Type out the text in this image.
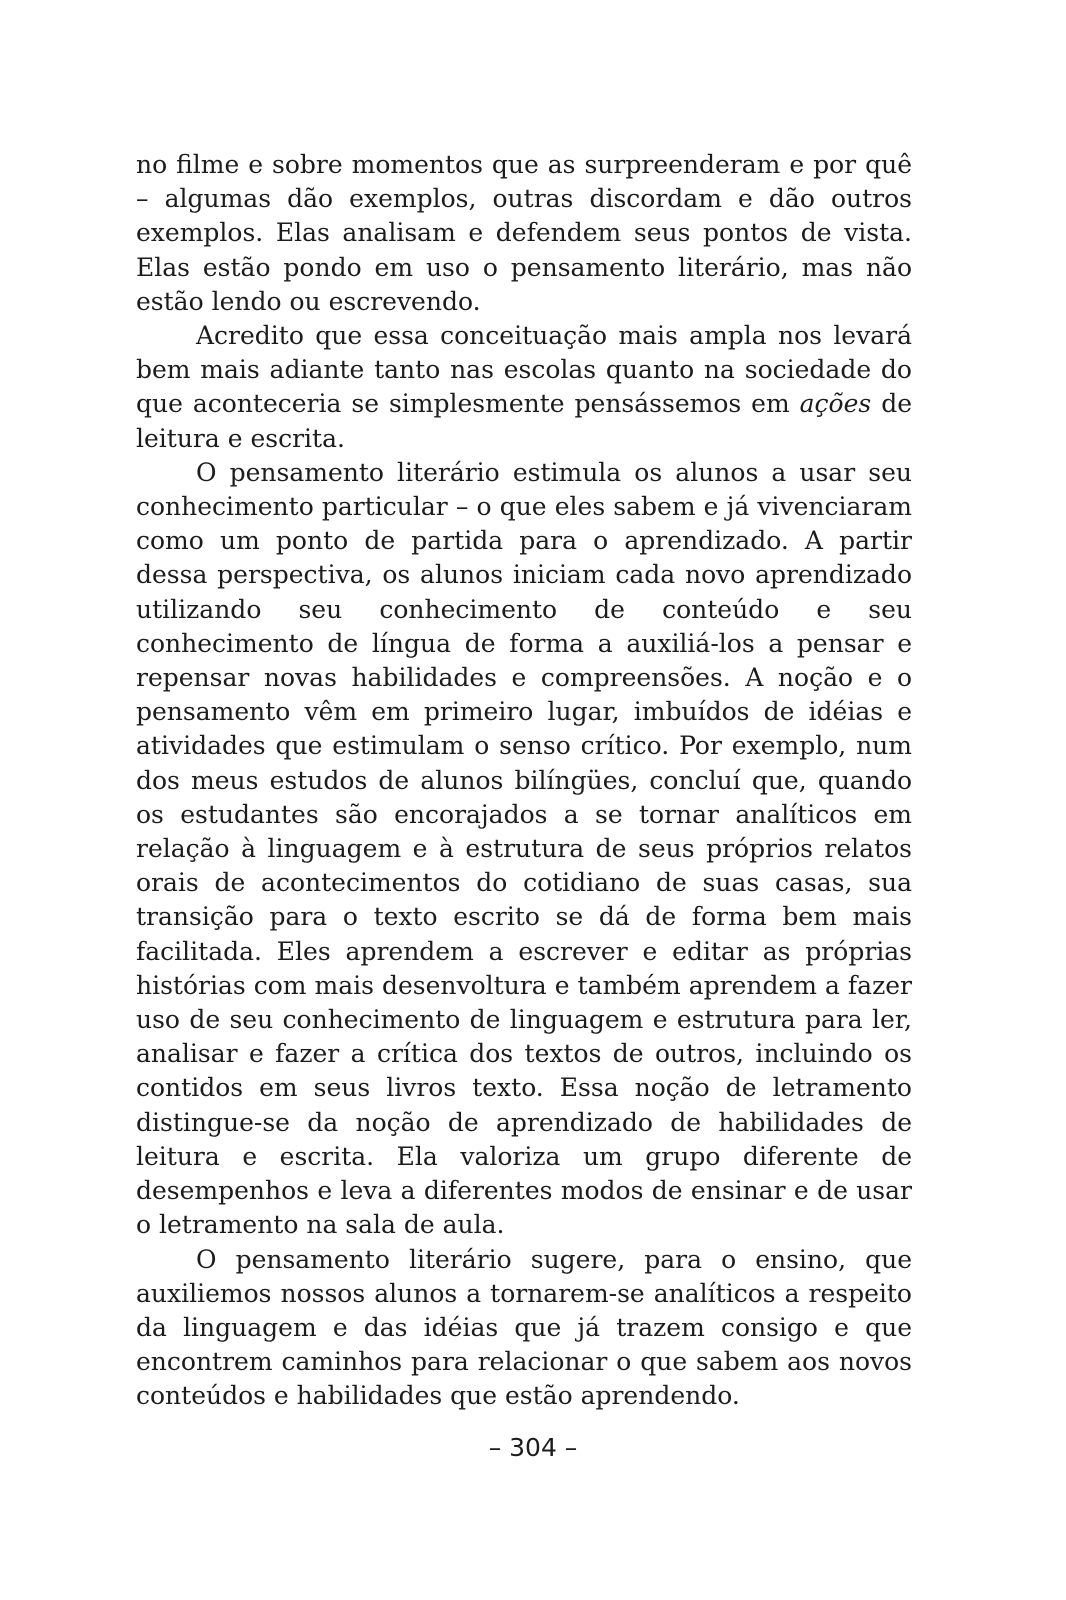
no filme e sobre momentos que as surpreenderam e por quê – algumas dão exemplos, outras discordam e dão outros exemplos. Elas analisam e defendem seus pontos de vista. Elas estão pondo em uso o pensamento literário, mas não estão lendo ou escrevendo.

Acredito que essa conceituação mais ampla nos levará bem mais adiante tanto nas escolas quanto na sociedade do que aconteceria se simplesmente pensássemos em ações de leitura e escrita.

O pensamento literário estimula os alunos a usar seu conhecimento particular – o que eles sabem e já vivenciaram como um ponto de partida para o aprendizado. A partir dessa perspectiva, os alunos iniciam cada novo aprendizado utilizando seu conhecimento de conteúdo e seu conhecimento de língua de forma a auxiliá-los a pensar e repensar novas habilidades e compreensões. A noção e o pensamento vêm em primeiro lugar, imbuídos de idéias e atividades que estimulam o senso crítico. Por exemplo, num dos meus estudos de alunos bilíngües, concluí que, quando os estudantes são encorajados a se tornar analíticos em relação à linguagem e à estrutura de seus próprios relatos orais de acontecimentos do cotidiano de suas casas, sua transição para o texto escrito se dá de forma bem mais facilitada. Eles aprendem a escrever e editar as próprias histórias com mais desenvoltura e também aprendem a fazer uso de seu conhecimento de linguagem e estrutura para ler, analisar e fazer a crítica dos textos de outros, incluindo os contidos em seus livros texto. Essa noção de letramento distingue-se da noção de aprendizado de habilidades de leitura e escrita. Ela valoriza um grupo diferente de desempenhos e leva a diferentes modos de ensinar e de usar o letramento na sala de aula.

O pensamento literário sugere, para o ensino, que auxiliemos nossos alunos a tornarem-se analíticos a respeito da linguagem e das idéias que já trazem consigo e que encontrem caminhos para relacionar o que sabem aos novos conteúdos e habilidades que estão aprendendo.

– 304 –
